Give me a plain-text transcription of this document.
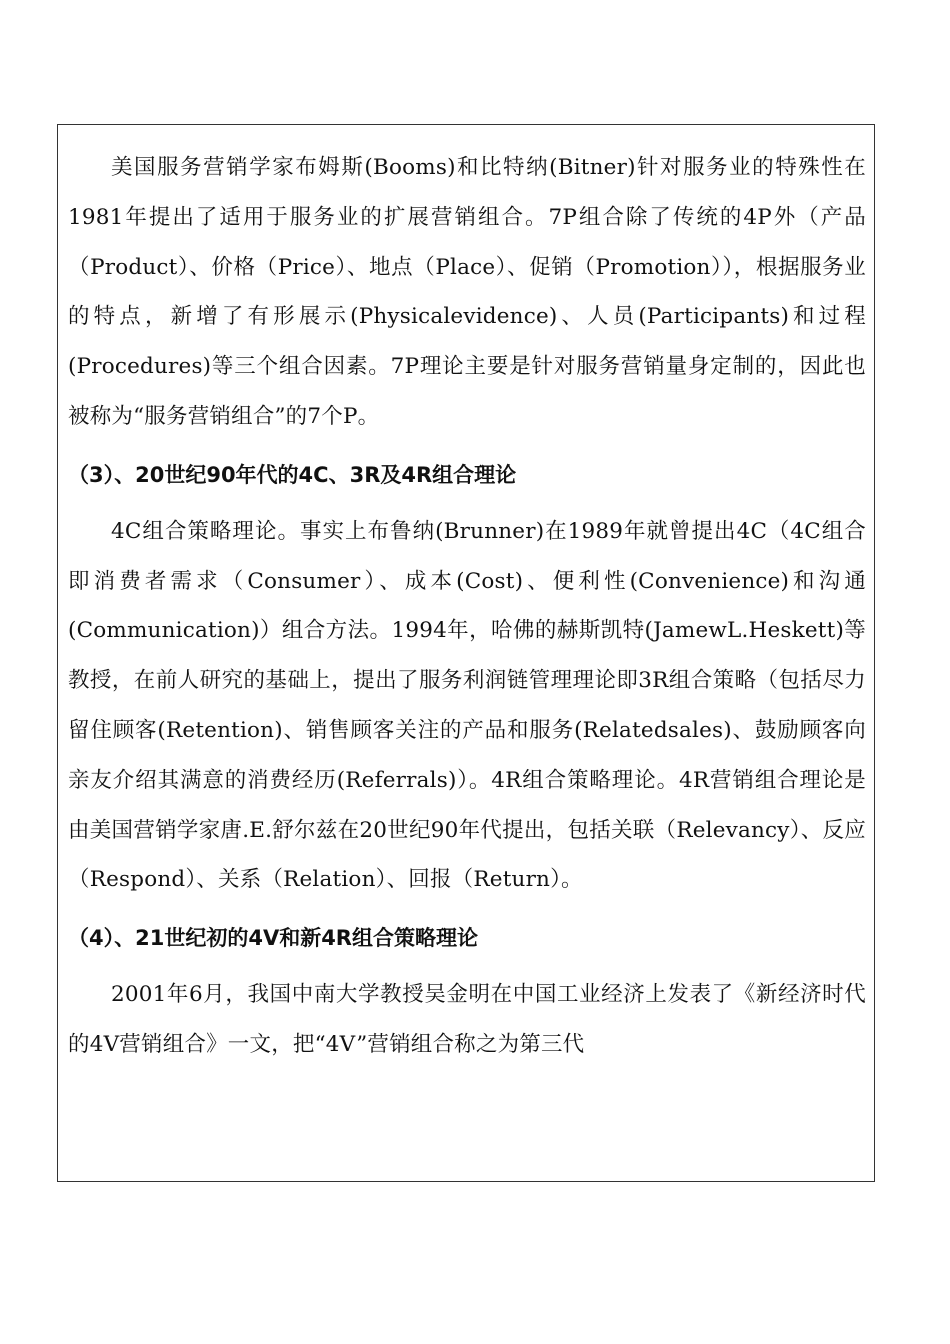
美国服务营销学家布姆斯(Booms)和比特纳(Bitner)针对服务业的特殊性在1981年提出了适用于服务业的扩展营销组合。7P组合除了传统的4P外（产品（Product）、价格（Price）、地点（Place）、促销（Promotion）），根据服务业的特点，新增了有形展示(Physicalevidence)、人员(Participants)和过程(Procedures)等三个组合因素。7P理论主要是针对服务营销量身定制的，因此也被称为“服务营销组合”的7个P。

（3）、20世纪90年代的4C、3R及4R组合理论

4C组合策略理论。事实上布鲁纳(Brunner)在1989年就曾提出4C（4C组合即消费者需求（Consumer）、成本(Cost)、便利性(Convenience)和沟通(Communication)）组合方法。1994年，哈佛的赫斯凯特(JamewL.Heskett)等教授，在前人研究的基础上，提出了服务利润链管理理论即3R组合策略（包括尽力留住顾客(Retention)、销售顾客关注的产品和服务(Relatedsales)、鼓励顾客向亲友介绍其满意的消费经历(Referrals)）。4R组合策略理论。4R营销组合理论是由美国营销学家唐.E.舒尔兹在20世纪90年代提出，包括关联（Relevancy）、反应（Respond）、关系（Relation）、回报（Return）。

（4）、21世纪初的4V和新4R组合策略理论

2001年6月，我国中南大学教授吴金明在中国工业经济上发表了《新经济时代的4V营销组合》一文，把“4V”营销组合称之为第三代
